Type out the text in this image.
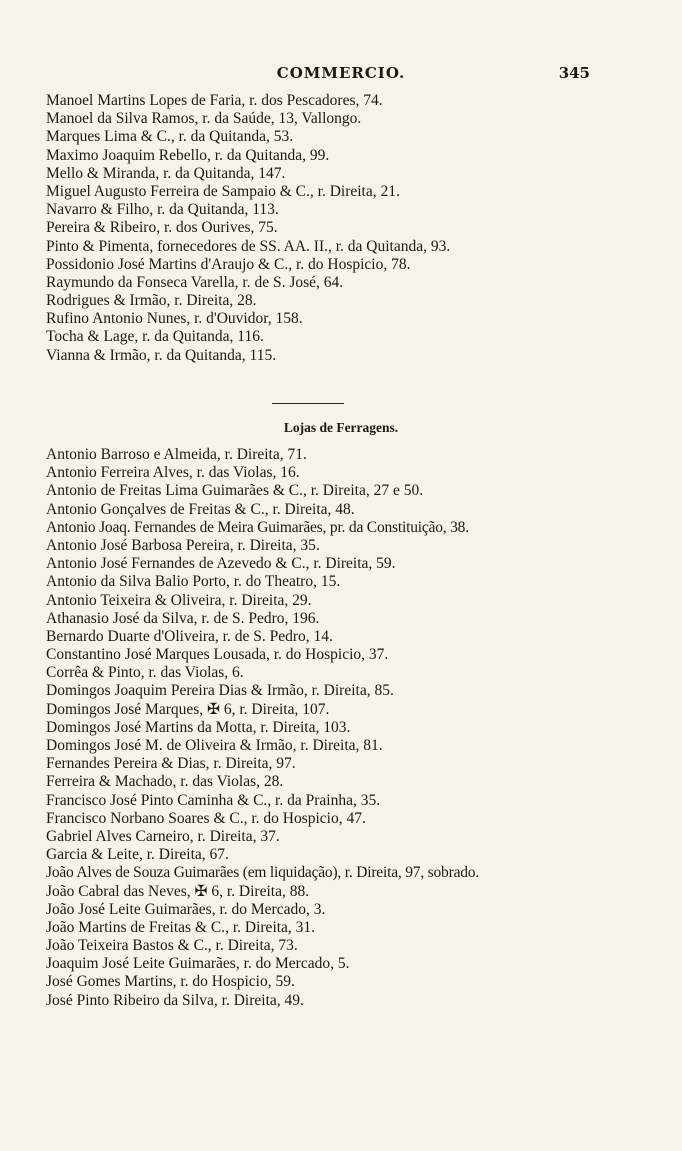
COMMERCIO.	345
Manoel Martins Lopes de Faria, r. dos Pescadores, 74.
Manoel da Silva Ramos, r. da Saúde, 13, Vallongo.
Marques Lima & C., r. da Quitanda, 53.
Maximo Joaquim Rebello, r. da Quitanda, 99.
Mello & Miranda, r. da Quitanda, 147.
Miguel Augusto Ferreira de Sampaio & C., r. Direita, 21.
Navarro & Filho, r. da Quitanda, 113.
Pereira & Ribeiro, r. dos Ourives, 75.
Pinto & Pimenta, fornecedores de SS. AA. II., r. da Quitanda, 93.
Possidonio José Martins d'Araujo & C., r. do Hospicio, 78.
Raymundo da Fonseca Varella, r. de S. José, 64.
Rodrigues & Irmão, r. Direita, 28.
Rufino Antonio Nunes, r. d'Ouvidor, 158.
Tocha & Lage, r. da Quitanda, 116.
Vianna & Irmão, r. da Quitanda, 115.
Lojas de Ferragens.
Antonio Barroso e Almeida, r. Direita, 71.
Antonio Ferreira Alves, r. das Violas, 16.
Antonio de Freitas Lima Guimarães & C., r. Direita, 27 e 50.
Antonio Gonçalves de Freitas & C., r. Direita, 48.
Antonio Joaq. Fernandes de Meira Guimarães, pr. da Constituição, 38.
Antonio José Barbosa Pereira, r. Direita, 35.
Antonio José Fernandes de Azevedo & C., r. Direita, 59.
Antonio da Silva Balio Porto, r. do Theatro, 15.
Antonio Teixeira & Oliveira, r. Direita, 29.
Athanasio José da Silva, r. de S. Pedro, 196.
Bernardo Duarte d'Oliveira, r. de S. Pedro, 14.
Constantino José Marques Lousada, r. do Hospicio, 37.
Corrêa & Pinto, r. das Violas, 6.
Domingos Joaquim Pereira Dias & Irmão, r. Direita, 85.
Domingos José Marques, ✠ 6, r. Direita, 107.
Domingos José Martins da Motta, r. Direita, 103.
Domingos José M. de Oliveira & Irmão, r. Direita, 81.
Fernandes Pereira & Dias, r. Direita, 97.
Ferreira & Machado, r. das Violas, 28.
Francisco José Pinto Caminha & C., r. da Prainha, 35.
Francisco Norbano Soares & C., r. do Hospicio, 47.
Gabriel Alves Carneiro, r. Direita, 37.
Garcia & Leite, r. Direita, 67.
João Alves de Souza Guimarães (em liquidação), r. Direita, 97, sobrado.
João Cabral das Neves, ✠ 6, r. Direita, 88.
João José Leite Guimarães, r. do Mercado, 3.
João Martins de Freitas & C., r. Direita, 31.
João Teixeira Bastos & C., r. Direita, 73.
Joaquim José Leite Guimarães, r. do Mercado, 5.
José Gomes Martins, r. do Hospicio, 59.
José Pinto Ribeiro da Silva, r. Direita, 49.
